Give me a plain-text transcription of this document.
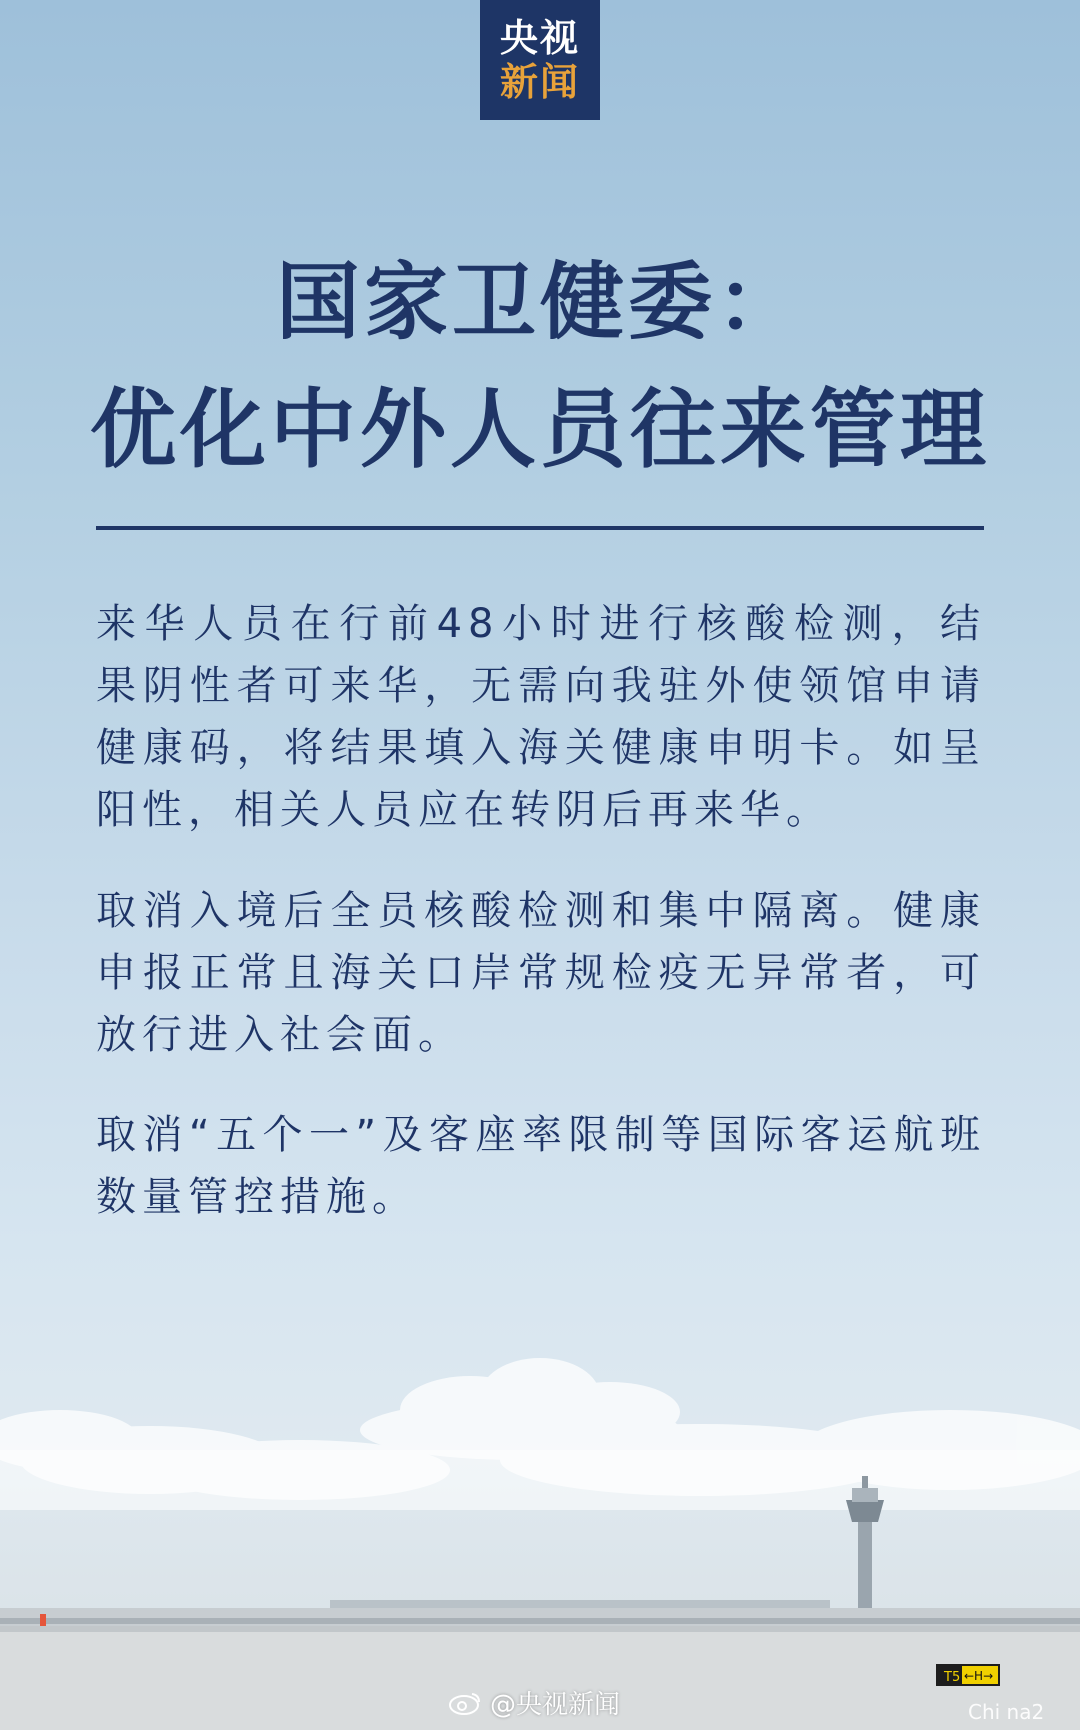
央视
新闻
国家卫健委：
优化中外人员往来管理

来华人员在行前48小时进行核酸检测，结果阴性者可来华，无需向我驻外使领馆申请健康码，将结果填入海关健康申明卡。如呈阳性，相关人员应在转阴后再来华。

取消入境后全员核酸检测和集中隔离。健康申报正常且海关口岸常规检疫无异常者，可放行进入社会面。

取消“五个一”及客座率限制等国际客运航班数量管控措施。

T5 ←H→
@央视新闻	Chi na2
